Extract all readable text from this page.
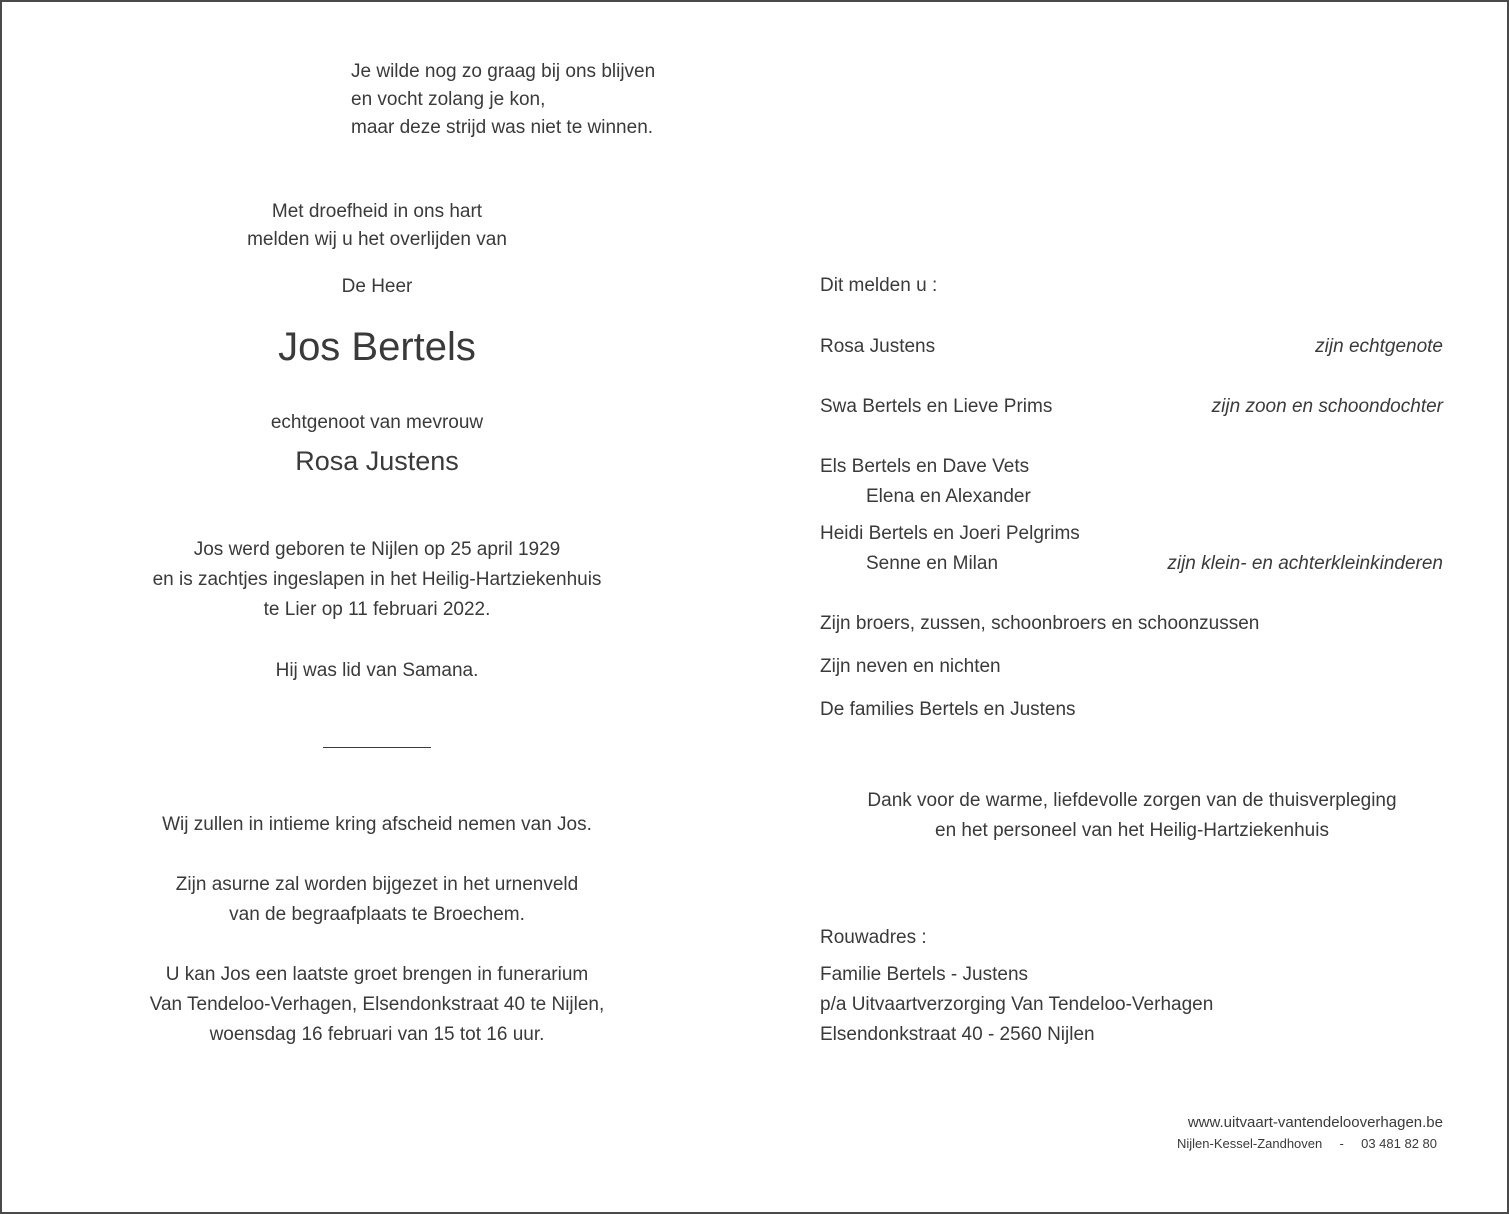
Je wilde nog zo graag bij ons blijven
en vocht zolang je kon,
maar deze strijd was niet te winnen.
Met droefheid in ons hart
melden wij u het overlijden van
De Heer
Jos Bertels
echtgenoot van mevrouw
Rosa Justens
Jos werd geboren te Nijlen op 25 april 1929
en is zachtjes ingeslapen in het Heilig-Hartziekenhuis
te Lier op 11 februari 2022.
Hij was lid van Samana.
Wij zullen in intieme kring afscheid nemen van Jos.
Zijn asurne zal worden bijgezet in het urnenveld
van de begraafplaats te Broechem.
U kan Jos een laatste groet brengen in funerarium
Van Tendeloo-Verhagen, Elsendonkstraat 40 te Nijlen,
woensdag 16 februari van 15 tot 16 uur.
Dit melden u :
Rosa Justens	zijn echtgenote
Swa Bertels en Lieve Prims	zijn zoon en schoondochter
Els Bertels en Dave Vets
Elena en Alexander
Heidi Bertels en Joeri Pelgrims
Senne en Milan	zijn klein- en achterkleinkinderen
Zijn broers, zussen, schoonbroers en schoonzussen
Zijn neven en nichten
De families Bertels en Justens
Dank voor de warme, liefdevolle zorgen van de thuisverpleging
en het personeel van het Heilig-Hartziekenhuis
Rouwadres :
Familie Bertels - Justens
p/a Uitvaartverzorging Van Tendeloo-Verhagen
Elsendonkstraat 40 - 2560 Nijlen
www.uitvaart-vantendelooverhagen.be
Nijlen-Kessel-Zandhoven - 03 481 82 80
